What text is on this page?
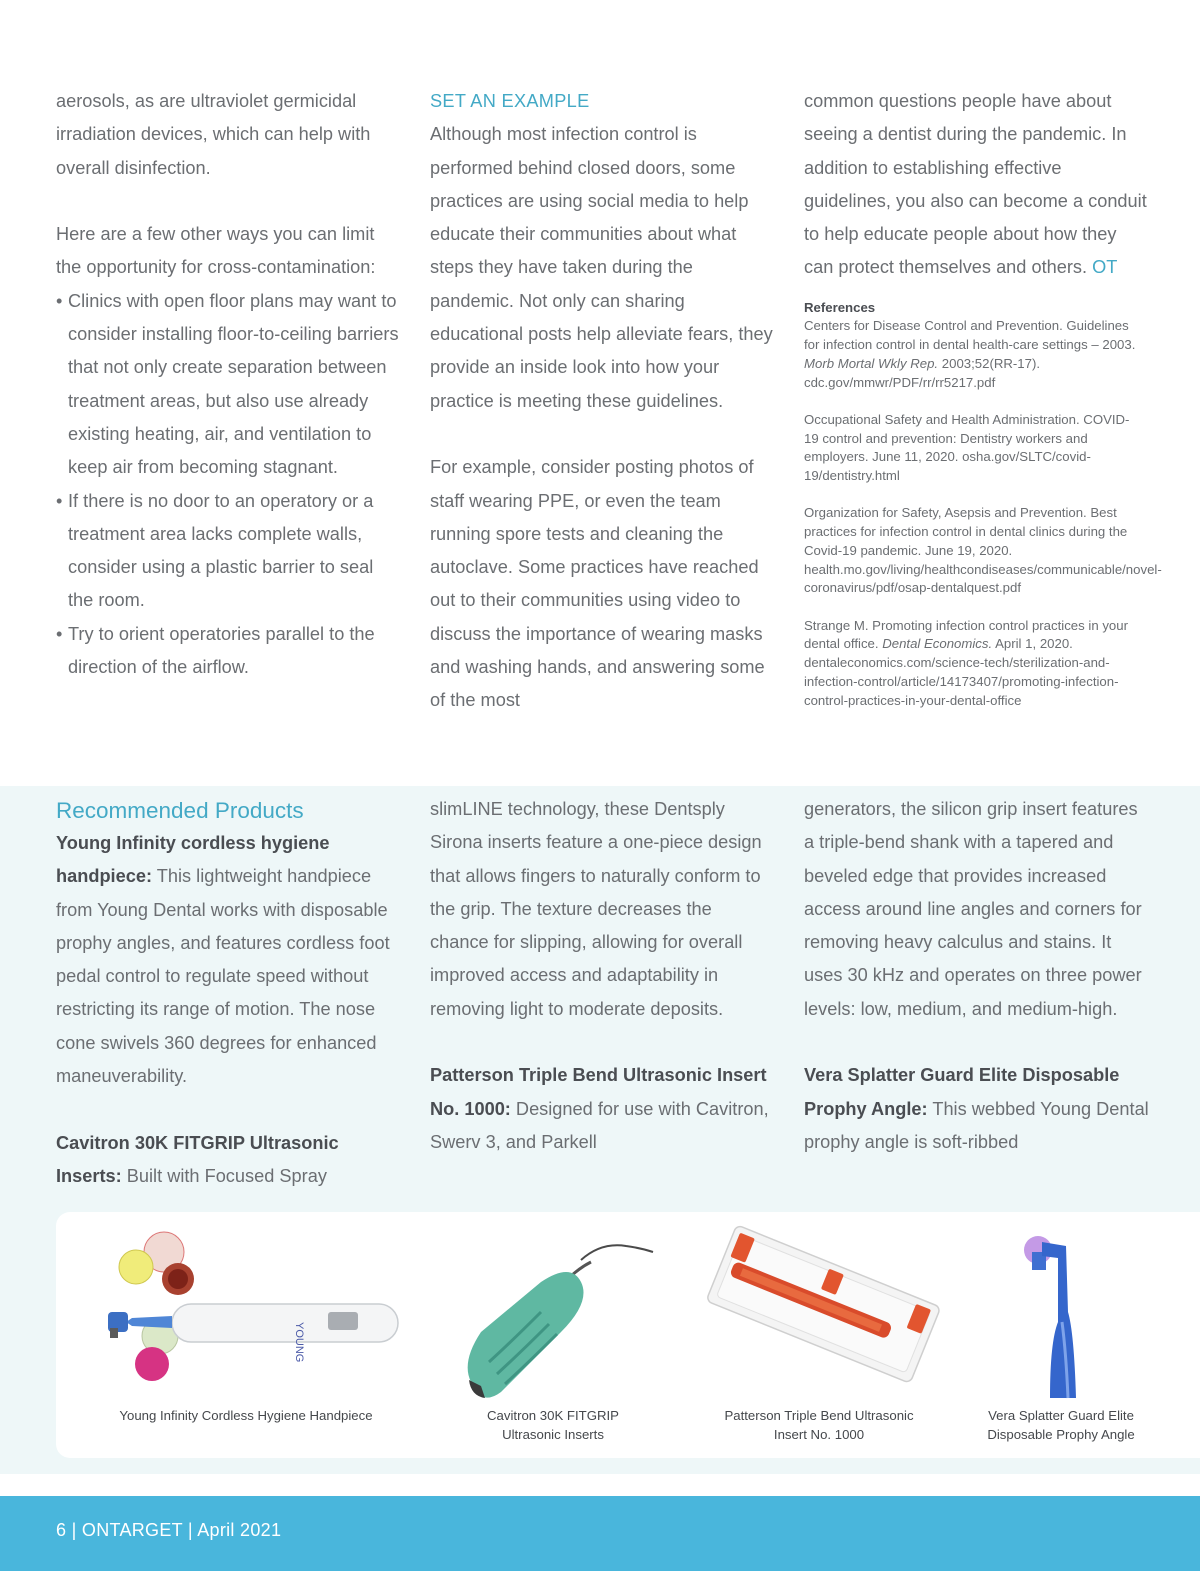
aerosols, as are ultraviolet germicidal irradiation devices, which can help with overall disinfection.

Here are a few other ways you can limit the opportunity for cross-contamination:

• Clinics with open floor plans may want to consider installing floor-to-ceiling barriers that not only create separation between treatment areas, but also use already existing heating, air, and ventilation to keep air from becoming stagnant.
• If there is no door to an operatory or a treatment area lacks complete walls, consider using a plastic barrier to seal the room.
• Try to orient operatories parallel to the direction of the airflow.

SET AN EXAMPLE

Although most infection control is performed behind closed doors, some practices are using social media to help educate their communities about what steps they have taken during the pandemic. Not only can sharing educational posts help alleviate fears, they provide an inside look into how your practice is meeting these guidelines.

For example, consider posting photos of staff wearing PPE, or even the team running spore tests and cleaning the autoclave. Some practices have reached out to their communities using video to discuss the importance of wearing masks and washing hands, and answering some of the most

common questions people have about seeing a dentist during the pandemic. In addition to establishing effective guidelines, you also can become a conduit to help educate people about how they can protect themselves and others. OT

References
Centers for Disease Control and Prevention. Guidelines for infection control in dental health-care settings – 2003. Morb Mortal Wkly Rep. 2003;52(RR-17). cdc.gov/mmwr/PDF/rr/rr5217.pdf
Occupational Safety and Health Administration. COVID-19 control and prevention: Dentistry workers and employers. June 11, 2020. osha.gov/SLTC/covid-19/dentistry.html
Organization for Safety, Asepsis and Prevention. Best practices for infection control in dental clinics during the Covid-19 pandemic. June 19, 2020. health.mo.gov/living/healthcondiseases/communicable/novel-coronavirus/pdf/osap-dentalquest.pdf
Strange M. Promoting infection control practices in your dental office. Dental Economics. April 1, 2020. dentaleconomics.com/science-tech/sterilization-and-infection-control/article/14173407/promoting-infection-control-practices-in-your-dental-office
Recommended Products

Young Infinity cordless hygiene handpiece: This lightweight handpiece from Young Dental works with disposable prophy angles, and features cordless foot pedal control to regulate speed without restricting its range of motion. The nose cone swivels 360 degrees for enhanced maneuverability.

Cavitron 30K FITGRIP Ultrasonic Inserts: Built with Focused Spray

slimLINE technology, these Dentsply Sirona inserts feature a one-piece design that allows fingers to naturally conform to the grip. The texture decreases the chance for slipping, allowing for overall improved access and adaptability in removing light to moderate deposits.

Patterson Triple Bend Ultrasonic Insert No. 1000: Designed for use with Cavitron, Swerv 3, and Parkell

generators, the silicon grip insert features a triple-bend shank with a tapered and beveled edge that provides increased access around line angles and corners for removing heavy calculus and stains. It uses 30 kHz and operates on three power levels: low, medium, and medium-high.

Vera Splatter Guard Elite Disposable Prophy Angle: This webbed Young Dental prophy angle is soft-ribbed

YOUNG
Young Infinity Cordless Hygiene Handpiece	Cavitron 30K FITGRIP
Ultrasonic Inserts
Patterson Triple Bend Ultrasonic
Insert No. 1000
Vera Splatter Guard Elite
Disposable Prophy Angle
6 | ONTARGET | April 2021
